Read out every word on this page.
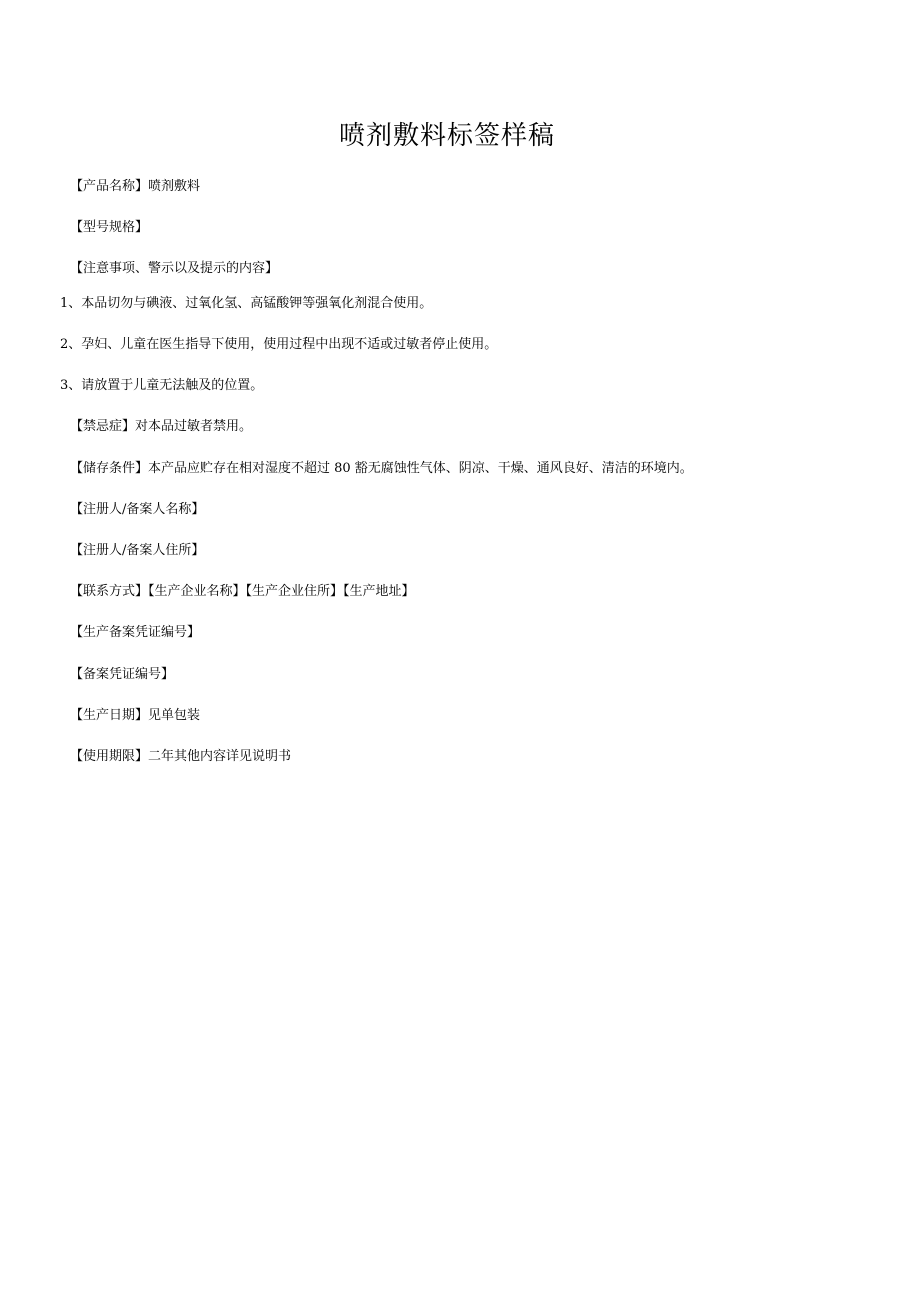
喷剂敷料标签样稿
【产品名称】喷剂敷料
【型号规格】
【注意事项、警示以及提示的内容】
1、本品切勿与碘液、过氧化氢、高锰酸钾等强氧化剂混合使用。
2、孕妇、儿童在医生指导下使用，使用过程中出现不适或过敏者停止使用。
3、请放置于儿童无法触及的位置。
【禁忌症】对本品过敏者禁用。
【储存条件】本产品应贮存在相对湿度不超过 80 豁无腐蚀性气体、阴凉、干燥、通风良好、清洁的环境内。
【注册人/备案人名称】
【注册人/备案人住所】
【联系方式】【生产企业名称】【生产企业住所】【生产地址】
【生产备案凭证编号】
【备案凭证编号】
【生产日期】见单包装
【使用期限】二年其他内容详见说明书
